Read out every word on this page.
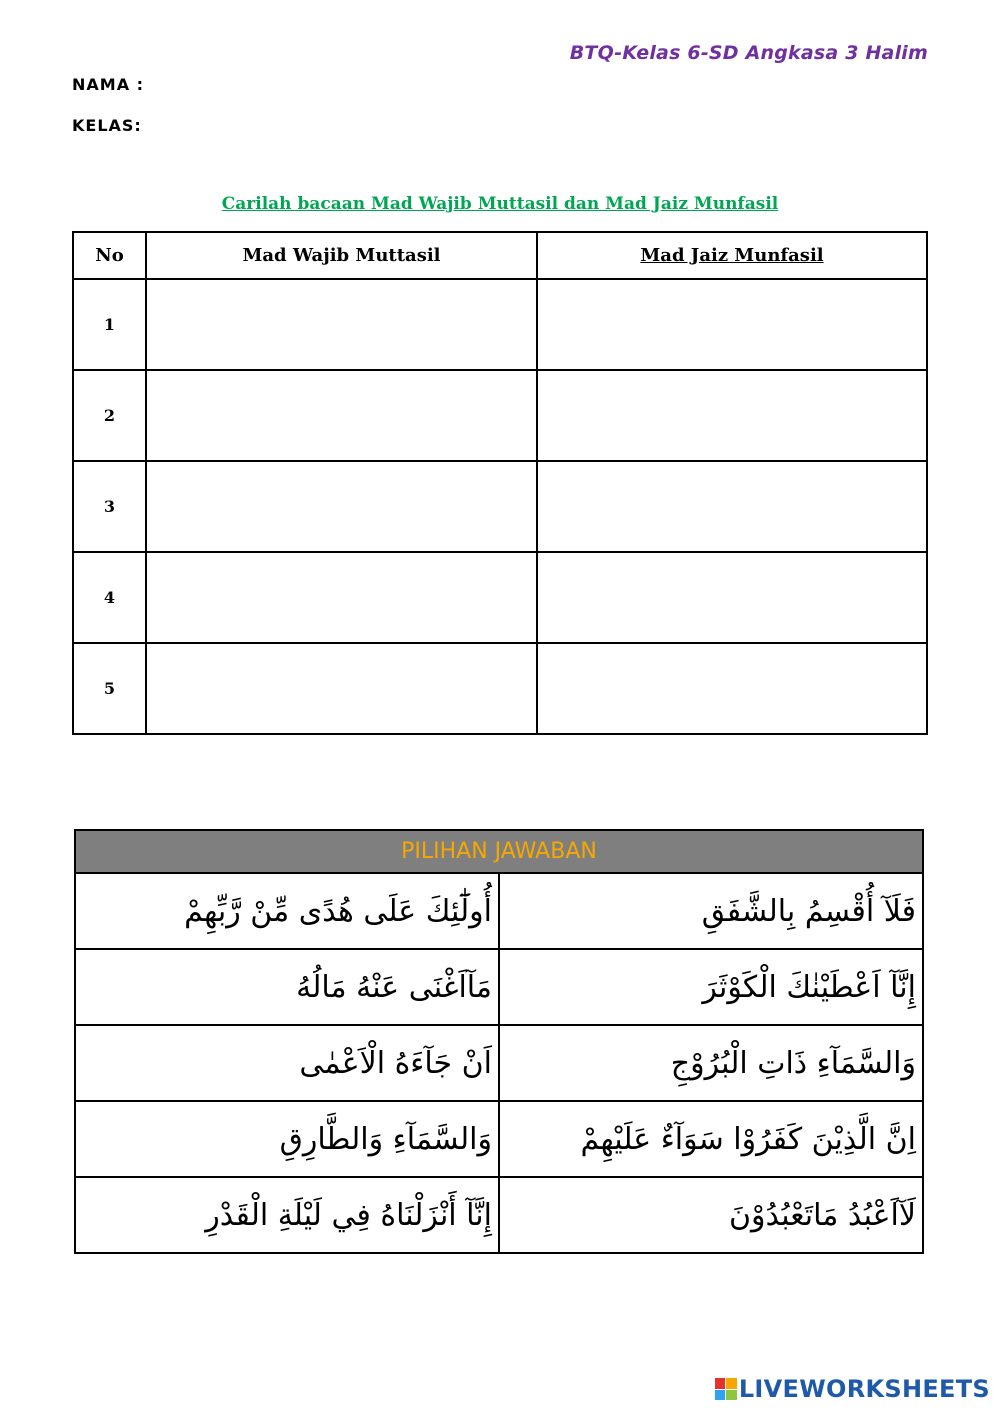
BTQ-Kelas 6-SD Angkasa 3 Halim
NAMA :
KELAS:
Carilah bacaan Mad Wajib Muttasil dan Mad Jaiz Munfasil
No	Mad Wajib Muttasil	Mad Jaiz Munfasil
1		
2		
3		
4		
5		
PILIHAN JAWABAN	
أُولَٰٓئِكَ عَلَى هُدًى مِّنْ رَّبِّهِمْ	فَلَآ أُقْسِمُ بِالشَّفَقِ
مَآاَغْنَى عَنْهُ مَالُهُ	إِنَّآ اَعْطَيْنٰكَ الْكَوْثَرَ
اَنْ جَآءَهُ الْاَعْمٰى	وَالسَّمَآءِ ذَاتِ الْبُرُوْجِ
وَالسَّمَآءِ وَالطَّارِقِ	اِنَّ الَّذِيْنَ كَفَرُوْا سَوَآءٌ عَلَيْهِمْ
إِنَّآ أَنْزَلْنَاهُ فِي لَيْلَةِ الْقَدْرِ	لَآاَعْبُدُ مَاتَعْبُدُوْنَ
LIVEWORKSHEETS
